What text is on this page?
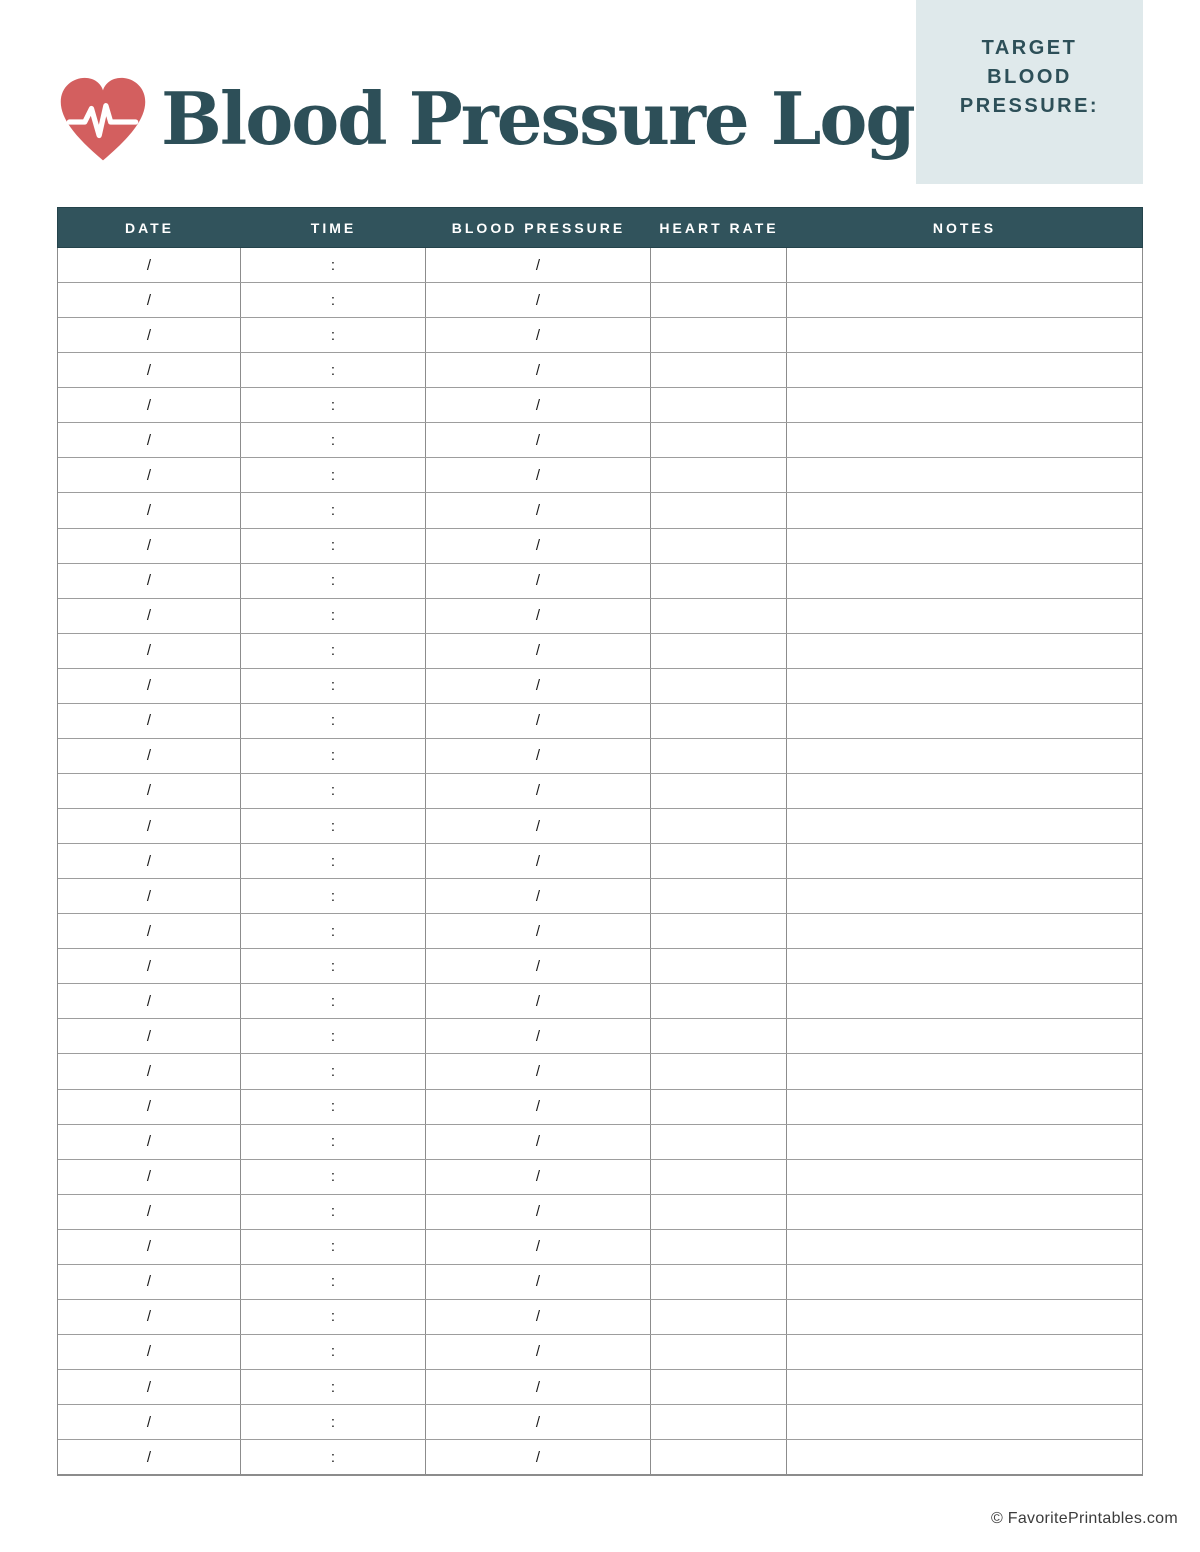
TARGET BLOOD PRESSURE:
Blood Pressure Log
DATE	TIME	BLOOD PRESSURE	HEART RATE	NOTES
/	:	/
/	:	/
/	:	/
/	:	/
/	:	/
/	:	/
/	:	/
/	:	/
/	:	/
/	:	/
/	:	/
/	:	/
/	:	/
/	:	/
/	:	/
/	:	/
/	:	/
/	:	/
/	:	/
/	:	/
/	:	/
/	:	/
/	:	/
/	:	/
/	:	/
/	:	/
/	:	/
/	:	/
/	:	/
/	:	/
/	:	/
/	:	/
/	:	/
/	:	/
/	:	/
© FavoritePrintables.com
